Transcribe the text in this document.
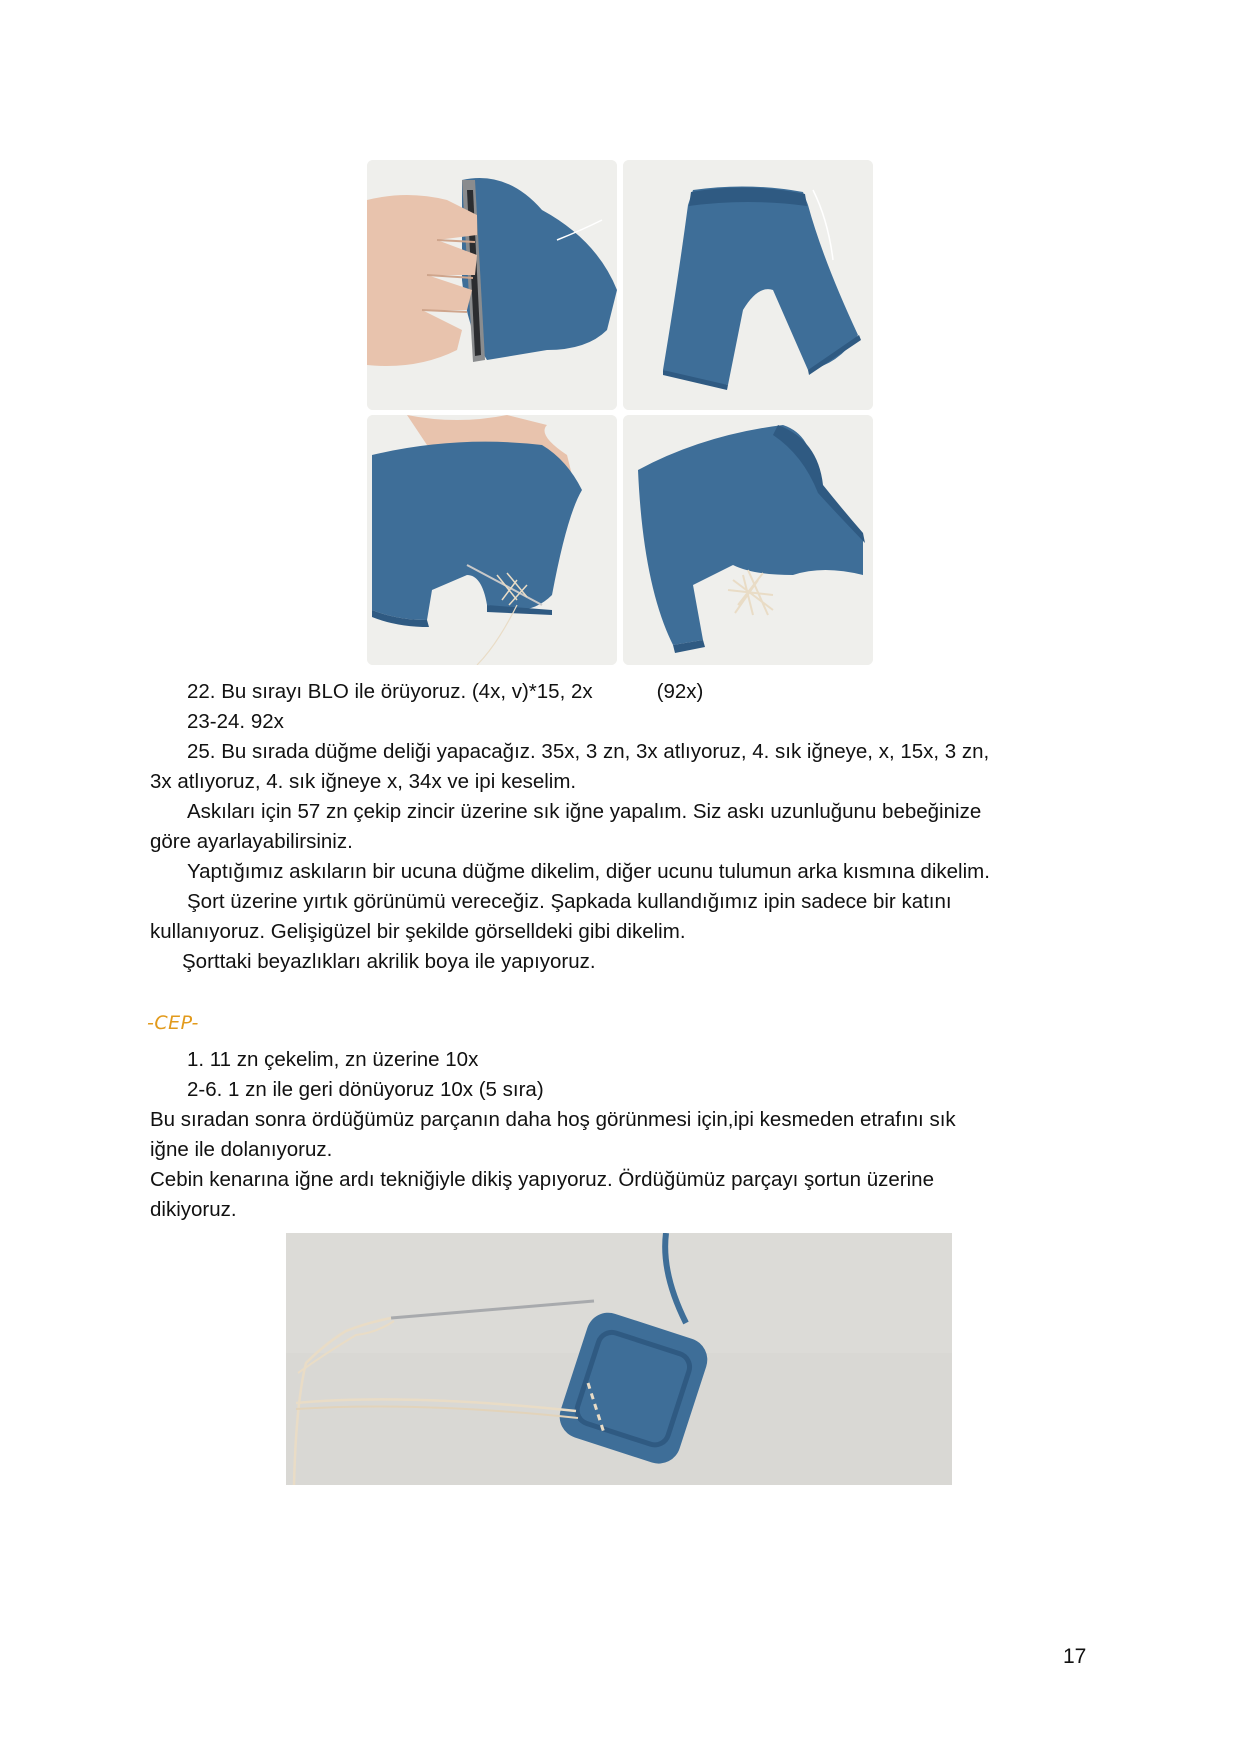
22. Bu sırayı BLO ile örüyoruz. (4x, v)*15, 2x	(92x)
23-24. 92x
25. Bu sırada düğme deliği yapacağız. 35x, 3 zn, 3x atlıyoruz, 4. sık iğneye, x, 15x, 3 zn,
3x atlıyoruz, 4. sık iğneye x, 34x ve ipi keselim.
Askıları için 57 zn çekip zincir üzerine sık iğne yapalım. Siz askı uzunluğunu bebeğinize
göre ayarlayabilirsiniz.
Yaptığımız askıların bir ucuna düğme dikelim, diğer ucunu tulumun arka kısmına dikelim.
Şort üzerine yırtık görünümü vereceğiz. Şapkada kullandığımız ipin sadece bir katını
kullanıyoruz. Gelişigüzel bir şekilde görselldeki gibi dikelim.
Şorttaki beyazlıkları akrilik boya ile yapıyoruz.
-CEP-
1. 11 zn çekelim, zn üzerine 10x
2-6. 1 zn ile geri dönüyoruz 10x (5 sıra)
Bu sıradan sonra ördüğümüz parçanın daha hoş görünmesi için,ipi kesmeden etrafını sık
iğne ile dolanıyoruz.
Cebin kenarına iğne ardı tekniğiyle dikiş yapıyoruz. Ördüğümüz parçayı şortun üzerine
dikiyoruz.
17
